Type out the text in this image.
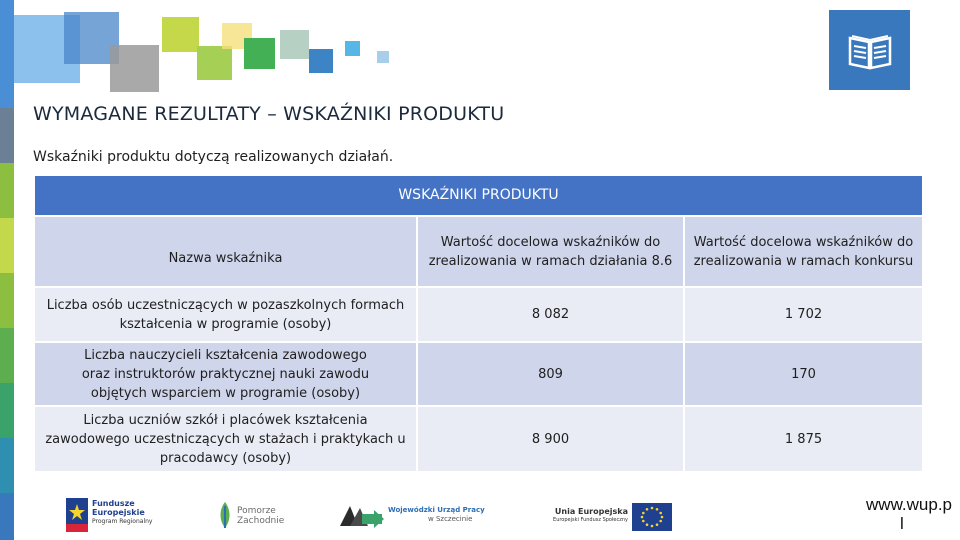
WYMAGANE REZULTATY – WSKAŹNIKI PRODUKTU
Wskaźniki produktu dotyczą realizowanych działań.
WSKAŹNIKI PRODUKTU		
Nazwa wskaźnika	Wartość docelowa wskaźników do zrealizowania w ramach działania 8.6	Wartość docelowa wskaźników do zrealizowania w ramach konkursu
Liczba osób uczestniczących w pozaszkolnych formach kształcenia w programie (osoby)	8 082	1 702
Liczba nauczycieli kształcenia zawodowego oraz instruktorów praktycznej nauki zawodu objętych wsparciem w programie (osoby)	809	170
Liczba uczniów szkół i placówek kształcenia zawodowego uczestniczących w stażach i praktykach u pracodawcy (osoby)	8 900	1 875
Fundusze
Europejskie
Program Regionalny
Pomorze
Zachodnie
Wojewódzki Urząd Pracy
w Szczecinie
Unia Europejska
Europejski Fundusz Społeczny
www.wup.p
l
